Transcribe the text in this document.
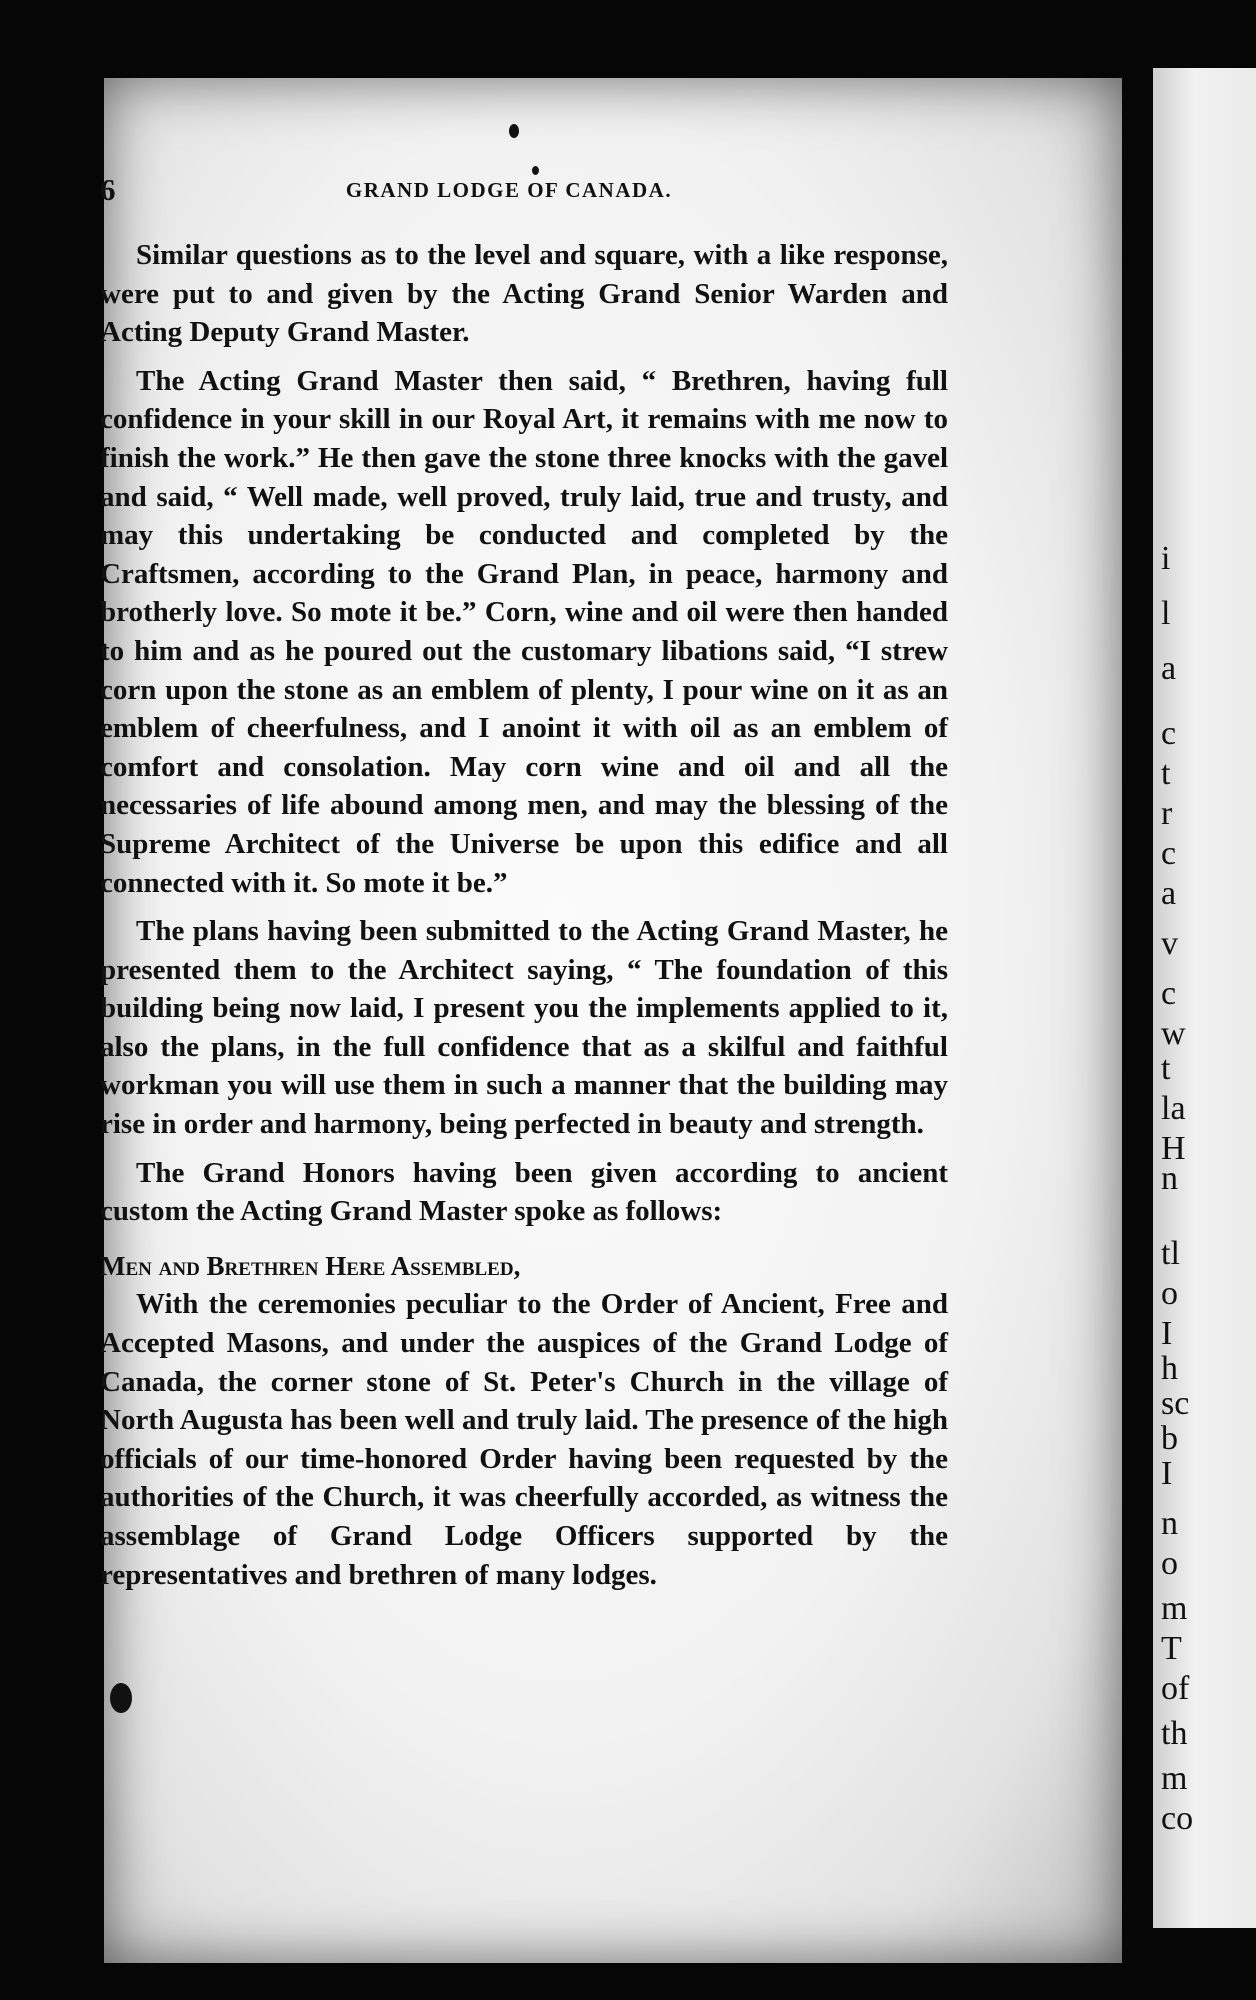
i
l
a
c
t
r
c
a
v
c
w
t
la
H
n
tl
o
I
h
sc
b
I
n
o
m
T
of
th
m
co
6	GRAND LODGE OF CANADA.

Similar questions as to the level and square, with a like response, were put to and given by the Acting Grand Senior Warden and Acting Deputy Grand Master.

The Acting Grand Master then said, “ Brethren, having full confidence in your skill in our Royal Art, it remains with me now to finish the work.” He then gave the stone three knocks with the gavel and said, “ Well made, well proved, truly laid, true and trusty, and may this undertaking be conducted and completed by the Craftsmen, according to the Grand Plan, in peace, harmony and brotherly love. So mote it be.” Corn, wine and oil were then handed to him and as he poured out the customary libations said, “I strew corn upon the stone as an emblem of plenty, I pour wine on it as an emblem of cheerfulness, and I anoint it with oil as an emblem of comfort and consolation. May corn wine and oil and all the necessaries of life abound among men, and may the blessing of the Supreme Architect of the Universe be upon this edifice and all connected with it. So mote it be.”

The plans having been submitted to the Acting Grand Master, he presented them to the Architect saying, “ The foundation of this building being now laid, I present you the implements applied to it, also the plans, in the full confidence that as a skilful and faithful workman you will use them in such a manner that the building may rise in order and harmony, being perfected in beauty and strength.

The Grand Honors having been given according to ancient custom the Acting Grand Master spoke as follows:

Men and Brethren Here Assembled,

With the ceremonies peculiar to the Order of Ancient, Free and Accepted Masons, and under the auspices of the Grand Lodge of Canada, the corner stone of St. Peter's Church in the village of North Augusta has been well and truly laid. The presence of the high officials of our time-honored Order having been requested by the authorities of the Church, it was cheerfully accorded, as witness the assemblage of Grand Lodge Officers supported by the representatives and brethren of many lodges.
